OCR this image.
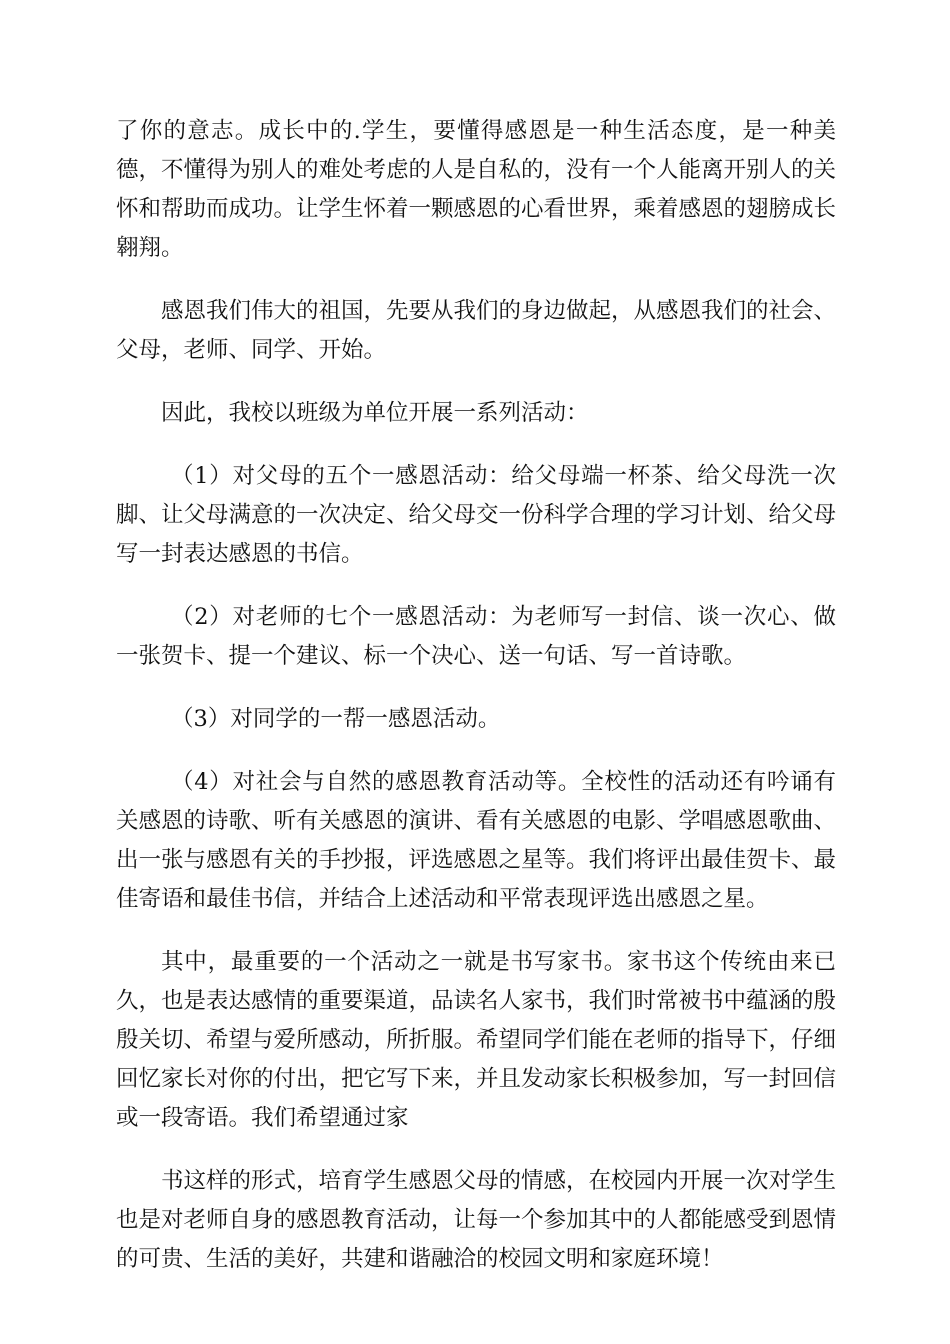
了你的意志。成长中的.学生，要懂得感恩是一种生活态度，是一种美德，不懂得为别人的难处考虑的人是自私的，没有一个人能离开别人的关怀和帮助而成功。让学生怀着一颗感恩的心看世界，乘着感恩的翅膀成长翱翔。

感恩我们伟大的祖国，先要从我们的身边做起，从感恩我们的社会、父母，老师、同学、开始。

因此，我校以班级为单位开展一系列活动：

（1）对父母的五个一感恩活动：给父母端一杯茶、给父母洗一次脚、让父母满意的一次决定、给父母交一份科学合理的学习计划、给父母写一封表达感恩的书信。

（2）对老师的七个一感恩活动：为老师写一封信、谈一次心、做一张贺卡、提一个建议、标一个决心、送一句话、写一首诗歌。

（3）对同学的一帮一感恩活动。

（4）对社会与自然的感恩教育活动等。全校性的活动还有吟诵有关感恩的诗歌、听有关感恩的演讲、看有关感恩的电影、学唱感恩歌曲、出一张与感恩有关的手抄报，评选感恩之星等。我们将评出最佳贺卡、最佳寄语和最佳书信，并结合上述活动和平常表现评选出感恩之星。

其中，最重要的一个活动之一就是书写家书。家书这个传统由来已久，也是表达感情的重要渠道，品读名人家书，我们时常被书中蕴涵的殷殷关切、希望与爱所感动，所折服。希望同学们能在老师的指导下，仔细回忆家长对你的付出，把它写下来，并且发动家长积极参加，写一封回信或一段寄语。我们希望通过家

书这样的形式，培育学生感恩父母的情感，在校园内开展一次对学生也是对老师自身的感恩教育活动，让每一个参加其中的人都能感受到恩情的可贵、生活的美好，共建和谐融洽的校园文明和家庭环境！
